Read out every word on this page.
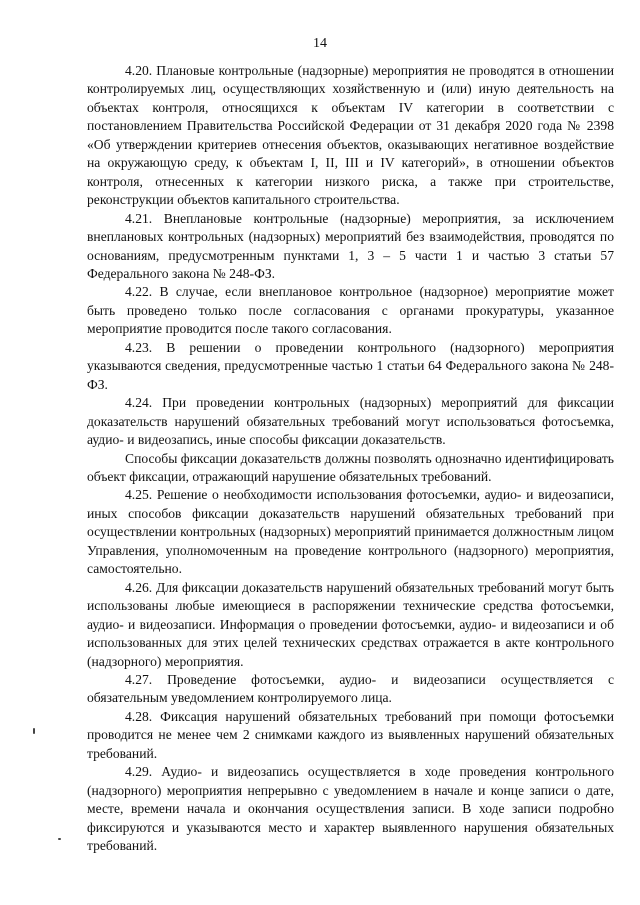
14

4.20. Плановые контрольные (надзорные) мероприятия не проводятся в отношении контролируемых лиц, осуществляющих хозяйственную и (или) иную деятельность на объектах контроля, относящихся к объектам IV категории в соответствии с постановлением Правительства Российской Федерации от 31 декабря 2020 года № 2398 «Об утверждении критериев отнесения объектов, оказывающих негативное воздействие на окружающую среду, к объектам I, II, III и IV категорий», в отношении объектов контроля, отнесенных к категории низкого риска, а также при строительстве, реконструкции объектов капитального строительства.

4.21. Внеплановые контрольные (надзорные) мероприятия, за исключением внеплановых контрольных (надзорных) мероприятий без взаимодействия, проводятся по основаниям, предусмотренным пунктами 1, 3 – 5 части 1 и частью 3 статьи 57 Федерального закона № 248-ФЗ.

4.22. В случае, если внеплановое контрольное (надзорное) мероприятие может быть проведено только после согласования с органами прокуратуры, указанное мероприятие проводится после такого согласования.

4.23. В решении о проведении контрольного (надзорного) мероприятия указываются сведения, предусмотренные частью 1 статьи 64 Федерального закона № 248-ФЗ.

4.24. При проведении контрольных (надзорных) мероприятий для фиксации доказательств нарушений обязательных требований могут использоваться фотосъемка, аудио- и видеозапись, иные способы фиксации доказательств.

Способы фиксации доказательств должны позволять однозначно идентифицировать объект фиксации, отражающий нарушение обязательных требований.

4.25. Решение о необходимости использования фотосъемки, аудио- и видеозаписи, иных способов фиксации доказательств нарушений обязательных требований при осуществлении контрольных (надзорных) мероприятий принимается должностным лицом Управления, уполномоченным на проведение контрольного (надзорного) мероприятия, самостоятельно.

4.26. Для фиксации доказательств нарушений обязательных требований могут быть использованы любые имеющиеся в распоряжении технические средства фотосъемки, аудио- и видеозаписи. Информация о проведении фотосъемки, аудио- и видеозаписи и об использованных для этих целей технических средствах отражается в акте контрольного (надзорного) мероприятия.

4.27. Проведение фотосъемки, аудио- и видеозаписи осуществляется с обязательным уведомлением контролируемого лица.

4.28. Фиксация нарушений обязательных требований при помощи фотосъемки проводится не менее чем 2 снимками каждого из выявленных нарушений обязательных требований.

4.29. Аудио- и видеозапись осуществляется в ходе проведения контрольного (надзорного) мероприятия непрерывно с уведомлением в начале и конце записи о дате, месте, времени начала и окончания осуществления записи. В ходе записи подробно фиксируются и указываются место и характер выявленного нарушения обязательных требований.
